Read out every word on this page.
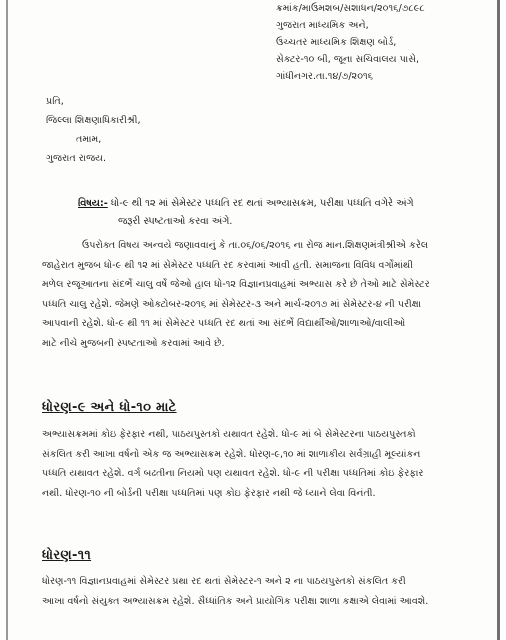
ક્રમાંક/માઉમશબ/સશાધન/૨૦૧૬/૭૮૯૮
ગુજરાત માધ્યમિક અને,
ઉચ્ચતર માધ્યમિક શિક્ષણ બોર્ડ,
સેક્ટર-૧૦ બી, જૂના સચિવાલય પાસે,
ગાંધીનગર.તા.૧૪/૭/૨૦૧૬
પ્રતિ,
જિલ્લા શિક્ષણાધિકારીશ્રી,
તમામ,
ગુજરાત રાજય.
વિષય:- ધો-૯ થી ૧૨ માં સેમેસ્ટર પધ્ધતિ રદ થતાં અભ્યાસક્રમ, પરીક્ષા પધ્ધતિ વગેરે અંગે
જરૂરી સ્પષ્ટતાઓ કરવા અંગે.

ઉપરોક્ત વિષય અન્વયે જણાવવાનું કે તા.૦૬/૦૬/૨૦૧૬ ના રોજ માન.શિક્ષણમંત્રીશ્રીએ કરેલ

જાહેરાત મુજબ ધો-૯ થી ૧૨ માં સેમેસ્ટર પધ્ધતિ રદ કરવામાં આવી હતી. સમાજના વિવિધ વર્ગોમાંથી

મળેલ રજૂઆતના સંદર્ભે ચાલુ વર્ષે જેઓ હાલ ધો-૧૨ વિજ્ઞાનપ્રવાહમાં અભ્યાસ કરે છે તેઓ માટે સેમેસ્ટર

પધ્ધતિ ચાલુ રહેશે. જેમણે ઓક્ટોબર-૨૦૧૬ માં સેમેસ્ટર-૩ અને માર્ચ-૨૦૧૭ માં સેમેસ્ટર-૪ ની પરીક્ષા

આપવાની રહેશે. ધો-૯ થી ૧૧ માં સેમેસ્ટર પધ્ધતિ રદ થતાં આ સંદર્ભે વિદ્યાર્થીઓ/શાળાઓ/વાલીઓ

માટે નીચે મુજબની સ્પષ્ટતાઓ કરવામાં આવે છે.

ધોરણ-૯ અને ધો-૧૦ માટે

અભ્યાસક્રમમાં કોઇ ફેરફાર નથી, પાઠયપુસ્તકો યથાવત રહેશે. ધો-૯ માં બે સેમેસ્ટરના પાઠયપુસ્તકો

સંકલિત કરી આખા વર્ષનો એક જ અભ્યાસક્રમ રહેશે. ધોરણ-૯,૧૦ માં શાળાકીય સર્વગ્રાહી મૂલ્યાંકન

પધ્ધતિ યથાવત રહેશે. વર્ગ બઢતીના નિયમો પણ યથાવત રહેશે. ધો-૯ ની પરીક્ષા પધ્ધતિમાં કોઇ ફેરફાર

નથી. ધોરણ-૧૦ ની બોર્ડની પરીક્ષા પધ્ધતિમાં પણ કોઇ ફેરફાર નથી જે ધ્યાને લેવા વિનંતી.

ધોરણ-૧૧

ધોરણ-૧૧ વિજ્ઞાનપ્રવાહમાં સેમેસ્ટર પ્રથા રદ થતાં સેમેસ્ટર-૧ અને ૨ ના પાઠયપુસ્તકો સંકલિત કરી

આખા વર્ષનો સંયુક્ત અભ્યાસક્રમ રહેશે. સૈધ્ધાંતિક અને પ્રાયોગિક પરીક્ષા શાળા કક્ષાએ લેવામાં આવશે.
